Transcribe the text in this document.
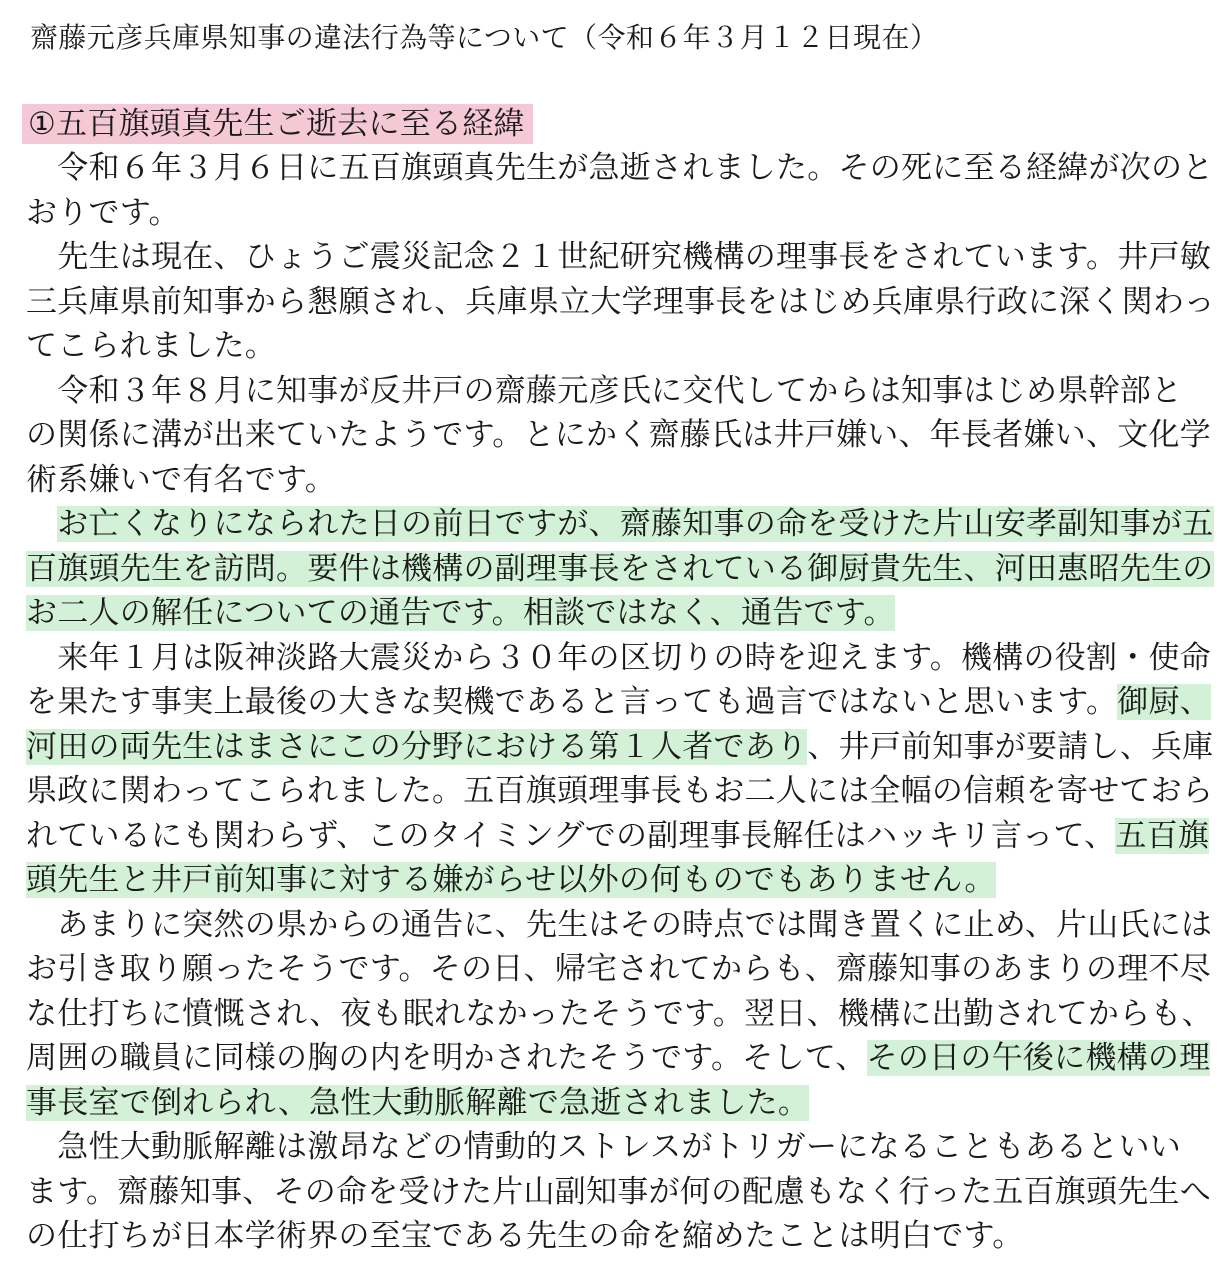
齋藤元彦兵庫県知事の違法行為等について（令和６年３月１２日現在）
①五百旗頭真先生ご逝去に至る経緯
　令和６年３月６日に五百旗頭真先生が急逝されました。その死に至る経緯が次のと
おりです。
　先生は現在、ひょうご震災記念２１世紀研究機構の理事長をされています。井戸敏
三兵庫県前知事から懇願され、兵庫県立大学理事長をはじめ兵庫県行政に深く関わっ
てこられました。
　令和３年８月に知事が反井戸の齋藤元彦氏に交代してからは知事はじめ県幹部と
の関係に溝が出来ていたようです。とにかく齋藤氏は井戸嫌い、年長者嫌い、文化学
術系嫌いで有名です。
　お亡くなりになられた日の前日ですが、齋藤知事の命を受けた片山安孝副知事が五
百旗頭先生を訪問。要件は機構の副理事長をされている御厨貴先生、河田惠昭先生の
お二人の解任についての通告です。相談ではなく、通告です。
　来年１月は阪神淡路大震災から３０年の区切りの時を迎えます。機構の役割・使命
を果たす事実上最後の大きな契機であると言っても過言ではないと思います。御厨、
河田の両先生はまさにこの分野における第１人者であり、井戸前知事が要請し、兵庫
県政に関わってこられました。五百旗頭理事長もお二人には全幅の信頼を寄せておら
れているにも関わらず、このタイミングでの副理事長解任はハッキリ言って、五百旗
頭先生と井戸前知事に対する嫌がらせ以外の何ものでもありません。
　あまりに突然の県からの通告に、先生はその時点では聞き置くに止め、片山氏には
お引き取り願ったそうです。その日、帰宅されてからも、齋藤知事のあまりの理不尽
な仕打ちに憤慨され、夜も眠れなかったそうです。翌日、機構に出勤されてからも、
周囲の職員に同様の胸の内を明かされたそうです。そして、その日の午後に機構の理
事長室で倒れられ、急性大動脈解離で急逝されました。
　急性大動脈解離は激昂などの情動的ストレスがトリガーになることもあるといい
ます。齋藤知事、その命を受けた片山副知事が何の配慮もなく行った五百旗頭先生へ
の仕打ちが日本学術界の至宝である先生の命を縮めたことは明白です。
